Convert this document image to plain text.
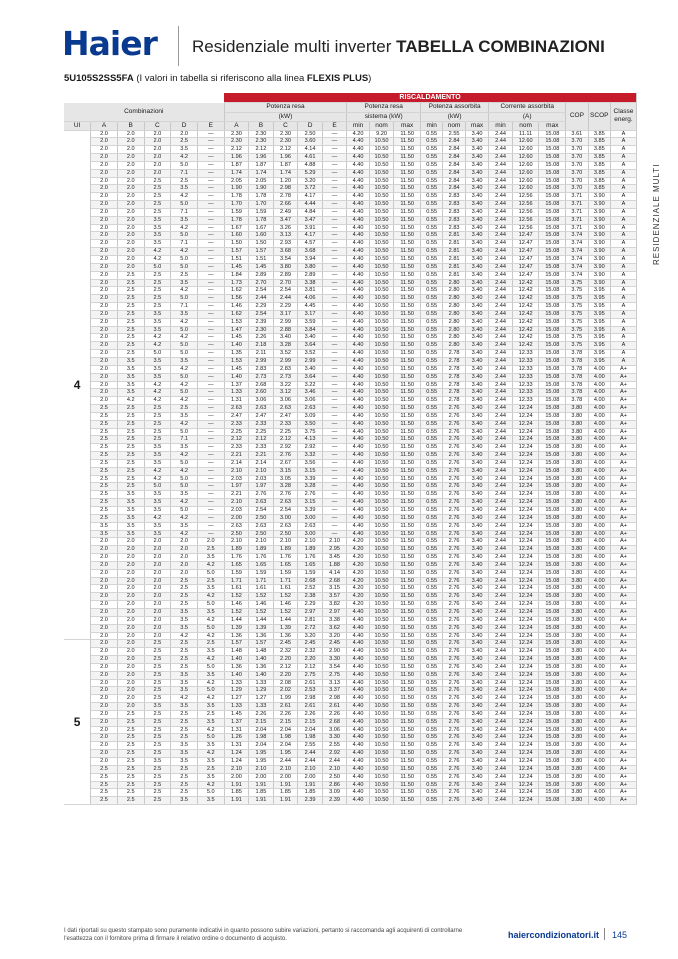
Haier Residenziale multi inverter TABELLA COMBINAZIONI
5U105S2SS5FA (I valori in tabella si riferiscono alla linea FLEXIS PLUS)
RESIDENZIALE MULTI
						RISCALDAMENTO																
Combinazioni						Potenza resa					Potenza resa			Potenza assorbita			Corrente assorbita			COP	SCOP	Classe energ.
						(kW)					sistema (kW)			(kW)			(A)					
UI	A	B	C	D	E	A	B	C	D	E	min	nom	max	min	nom	max	min	nom	max			
4	2.0	2.0	2.0	2.0	—	2.30	2.30	2.30	2.50	—	4.20	9.20	11.50	0.55	2.55	3.40	2.44	11.11	15.08	3.61	3.85	A
	2.0	2.0	2.0	2.5	—	2.30	2.30	2.30	3.60	—	4.40	10.50	11.50	0.55	2.84	3.40	2.44	12.60	15.08	3.70	3.85	A
	2.0	2.0	2.0	3.5	—	2.12	2.12	2.12	4.14	—	4.40	10.50	11.50	0.55	2.84	3.40	2.44	12.60	15.08	3.70	3.85	A
	2.0	2.0	2.0	4.2	—	1.96	1.96	1.96	4.61	—	4.40	10.50	11.50	0.55	2.84	3.40	2.44	12.60	15.08	3.70	3.85	A
	2.0	2.0	2.0	5.0	—	1.87	1.87	1.87	4.88	—	4.40	10.50	11.50	0.55	2.84	3.40	2.44	12.60	15.08	3.70	3.85	A
	2.0	2.0	2.0	7.1	—	1.74	1.74	1.74	5.29	—	4.40	10.50	11.50	0.55	2.84	3.40	2.44	12.60	15.08	3.70	3.85	A
	2.0	2.0	2.5	2.5	—	2.05	2.05	1.20	3.20	—	4.40	10.50	11.50	0.55	2.84	3.40	2.44	12.60	15.08	3.70	3.85	A
	2.0	2.0	2.5	3.5	—	1.90	1.90	2.98	3.72	—	4.40	10.50	11.50	0.55	2.84	3.40	2.44	12.60	15.08	3.70	3.85	A
	2.0	2.0	2.5	4.2	—	1.78	1.78	2.78	4.17	—	4.40	10.50	11.50	0.55	2.83	3.40	2.44	12.56	15.08	3.71	3.90	A
	2.0	2.0	2.5	5.0	—	1.70	1.70	2.66	4.44	—	4.40	10.50	11.50	0.55	2.83	3.40	2.44	12.56	15.08	3.71	3.90	A
	2.0	2.0	2.5	7.1	—	1.59	1.59	2.49	4.84	—	4.40	10.50	11.50	0.55	2.83	3.40	2.44	12.56	15.08	3.71	3.90	A
	2.0	2.0	3.5	3.5	—	1.78	1.78	3.47	3.47	—	4.40	10.50	11.50	0.55	2.83	3.40	2.44	12.56	15.08	3.71	3.90	A
	2.0	2.0	3.5	4.2	—	1.67	1.67	3.26	3.91	—	4.40	10.50	11.50	0.55	2.83	3.40	2.44	12.56	15.08	3.71	3.90	A
	2.0	2.0	3.5	5.0	—	1.60	1.60	3.13	4.17	—	4.40	10.50	11.50	0.55	2.81	3.40	2.44	12.47	15.08	3.74	3.90	A
	2.0	2.0	3.5	7.1	—	1.50	1.50	2.93	4.57	—	4.40	10.50	11.50	0.55	2.81	3.40	2.44	12.47	15.08	3.74	3.90	A
	2.0	2.0	4.2	4.2	—	1.57	1.57	3.68	3.68	—	4.40	10.50	11.50	0.55	2.81	3.40	2.44	12.47	15.08	3.74	3.90	A
	2.0	2.0	4.2	5.0	—	1.51	1.51	3.54	3.94	—	4.40	10.50	11.50	0.55	2.81	3.40	2.44	12.47	15.08	3.74	3.90	A
	2.0	2.0	5.0	5.0	—	1.45	1.45	3.80	3.80	—	4.40	10.50	11.50	0.55	2.81	3.40	2.44	12.47	15.08	3.74	3.90	A
	2.0	2.5	2.5	2.5	—	1.84	2.89	2.89	2.89	—	4.40	10.50	11.50	0.55	2.81	3.40	2.44	12.47	15.08	3.74	3.90	A
	2.0	2.5	2.5	3.5	—	1.73	2.70	2.70	3.38	—	4.40	10.50	11.50	0.55	2.80	3.40	2.44	12.42	15.08	3.75	3.90	A
	2.0	2.5	2.5	4.2	—	1.62	2.54	2.54	3.81	—	4.40	10.50	11.50	0.55	2.80	3.40	2.44	12.42	15.08	3.75	3.95	A
	2.0	2.5	2.5	5.0	—	1.56	2.44	2.44	4.06	—	4.40	10.50	11.50	0.55	2.80	3.40	2.44	12.42	15.08	3.75	3.95	A
	2.0	2.5	2.5	7.1	—	1.46	2.29	2.29	4.45	—	4.40	10.50	11.50	0.55	2.80	3.40	2.44	12.42	15.08	3.75	3.95	A
	2.0	2.5	3.5	3.5	—	1.62	2.54	3.17	3.17	—	4.40	10.50	11.50	0.55	2.80	3.40	2.44	12.42	15.08	3.75	3.95	A
	2.0	2.5	3.5	4.2	—	1.53	2.39	2.99	3.59	—	4.40	10.50	11.50	0.55	2.80	3.40	2.44	12.42	15.08	3.75	3.95	A
	2.0	2.5	3.5	5.0	—	1.47	2.30	2.88	3.84	—	4.40	10.50	11.50	0.55	2.80	3.40	2.44	12.42	15.08	3.75	3.95	A
	2.0	2.5	4.2	4.2	—	1.45	2.26	3.40	3.40	—	4.40	10.50	11.50	0.55	2.80	3.40	2.44	12.42	15.08	3.75	3.95	A
	2.0	2.5	4.2	5.0	—	1.40	2.18	3.28	3.64	—	4.40	10.50	11.50	0.55	2.80	3.40	2.44	12.42	15.08	3.75	3.95	A
	2.0	2.5	5.0	5.0	—	1.35	2.11	3.52	3.52	—	4.40	10.50	11.50	0.55	2.78	3.40	2.44	12.33	15.08	3.78	3.95	A
	2.0	3.5	3.5	3.5	—	1.53	2.99	2.99	2.99	—	4.40	10.50	11.50	0.55	2.78	3.40	2.44	12.33	15.08	3.78	3.95	A
	2.0	3.5	3.5	4.2	—	1.45	2.83	2.83	3.40	—	4.40	10.50	11.50	0.55	2.78	3.40	2.44	12.33	15.08	3.78	4.00	A+
	2.0	3.5	3.5	5.0	—	1.40	2.73	2.73	3.64	—	4.40	10.50	11.50	0.55	2.78	3.40	2.44	12.33	15.08	3.78	4.00	A+
	2.0	3.5	4.2	4.2	—	1.37	2.68	3.22	3.22	—	4.40	10.50	11.50	0.55	2.78	3.40	2.44	12.33	15.08	3.78	4.00	A+
	2.0	3.5	4.2	5.0	—	1.33	2.60	3.12	3.46	—	4.40	10.50	11.50	0.55	2.78	3.40	2.44	12.33	15.08	3.78	4.00	A+
	2.0	4.2	4.2	4.2	—	1.31	3.06	3.06	3.06	—	4.40	10.50	11.50	0.55	2.78	3.40	2.44	12.33	15.08	3.78	4.00	A+
	2.5	2.5	2.5	2.5	—	2.63	2.63	2.63	2.63	—	4.40	10.50	11.50	0.55	2.76	3.40	2.44	12.24	15.08	3.80	4.00	A+
	2.5	2.5	2.5	3.5	—	2.47	2.47	2.47	3.09	—	4.40	10.50	11.50	0.55	2.76	3.40	2.44	12.24	15.08	3.80	4.00	A+
	2.5	2.5	2.5	4.2	—	2.33	2.33	2.33	3.50	—	4.40	10.50	11.50	0.55	2.76	3.40	2.44	12.24	15.08	3.80	4.00	A+
	2.5	2.5	2.5	5.0	—	2.25	2.25	2.25	3.75	—	4.40	10.50	11.50	0.55	2.76	3.40	2.44	12.24	15.08	3.80	4.00	A+
	2.5	2.5	2.5	7.1	—	2.12	2.12	2.12	4.13	—	4.40	10.50	11.50	0.55	2.76	3.40	2.44	12.24	15.08	3.80	4.00	A+
	2.5	2.5	3.5	3.5	—	2.33	2.33	2.92	2.92	—	4.40	10.50	11.50	0.55	2.76	3.40	2.44	12.24	15.08	3.80	4.00	A+
	2.5	2.5	3.5	4.2	—	2.21	2.21	2.76	3.32	—	4.40	10.50	11.50	0.55	2.76	3.40	2.44	12.24	15.08	3.80	4.00	A+
	2.5	2.5	3.5	5.0	—	2.14	2.14	2.67	3.56	—	4.40	10.50	11.50	0.55	2.76	3.40	2.44	12.24	15.08	3.80	4.00	A+
	2.5	2.5	4.2	4.2	—	2.10	2.10	3.15	3.15	—	4.40	10.50	11.50	0.55	2.76	3.40	2.44	12.24	15.08	3.80	4.00	A+
	2.5	2.5	4.2	5.0	—	2.03	2.03	3.05	3.39	—	4.40	10.50	11.50	0.55	2.76	3.40	2.44	12.24	15.08	3.80	4.00	A+
	2.5	2.5	5.0	5.0	—	1.97	1.97	3.28	3.28	—	4.40	10.50	11.50	0.55	2.76	3.40	2.44	12.24	15.08	3.80	4.00	A+
	2.5	3.5	3.5	3.5	—	2.21	2.76	2.76	2.76	—	4.40	10.50	11.50	0.55	2.76	3.40	2.44	12.24	15.08	3.80	4.00	A+
	2.5	3.5	3.5	4.2	—	2.10	2.63	2.63	3.15	—	4.40	10.50	11.50	0.55	2.76	3.40	2.44	12.24	15.08	3.80	4.00	A+
	2.5	3.5	3.5	5.0	—	2.03	2.54	2.54	3.39	—	4.40	10.50	11.50	0.55	2.76	3.40	2.44	12.24	15.08	3.80	4.00	A+
	2.5	3.5	4.2	4.2	—	2.00	2.50	3.00	3.00	—	4.40	10.50	11.50	0.55	2.76	3.40	2.44	12.24	15.08	3.80	4.00	A+
	3.5	3.5	3.5	3.5	—	2.63	2.63	2.63	2.63	—	4.40	10.50	11.50	0.55	2.76	3.40	2.44	12.24	15.08	3.80	4.00	A+
	3.5	3.5	3.5	4.2	—	2.50	2.50	2.50	3.00	—	4.40	10.50	11.50	0.55	2.76	3.40	2.44	12.24	15.08	3.80	4.00	A+
	2.0	2.0	2.0	2.0	2.0	2.10	2.10	2.10	2.10	2.10	4.20	10.50	11.50	0.55	2.76	3.40	2.44	12.24	15.08	3.80	4.00	A+
	2.0	2.0	2.0	2.0	2.5	1.89	1.89	1.89	1.89	2.95	4.20	10.50	11.50	0.55	2.76	3.40	2.44	12.24	15.08	3.80	4.00	A+
	2.0	2.0	2.0	2.0	3.5	1.76	1.76	1.76	1.76	3.45	4.20	10.50	11.50	0.55	2.76	3.40	2.44	12.24	15.08	3.80	4.00	A+
	2.0	2.0	2.0	2.0	4.2	1.65	1.65	1.65	1.65	1.88	4.20	10.50	11.50	0.55	2.76	3.40	2.44	12.24	15.08	3.80	4.00	A+
	2.0	2.0	2.0	2.0	5.0	1.59	1.59	1.59	1.59	4.14	4.20	10.50	11.50	0.55	2.76	3.40	2.44	12.24	15.08	3.80	4.00	A+
	2.0	2.0	2.0	2.5	2.5	1.71	1.71	1.71	2.68	2.68	4.20	10.50	11.50	0.55	2.76	3.40	2.44	12.24	15.08	3.80	4.00	A+
	2.0	2.0	2.0	2.5	3.5	1.61	1.61	1.61	2.52	3.15	4.20	10.50	11.50	0.55	2.76	3.40	2.44	12.24	15.08	3.80	4.00	A+
	2.0	2.0	2.0	2.5	4.2	1.52	1.52	1.52	2.38	3.57	4.20	10.50	11.50	0.55	2.76	3.40	2.44	12.24	15.08	3.80	4.00	A+
	2.0	2.0	2.0	2.5	5.0	1.46	1.46	1.46	2.29	3.82	4.20	10.50	11.50	0.55	2.76	3.40	2.44	12.24	15.08	3.80	4.00	A+
	2.0	2.0	2.0	3.5	3.5	1.52	1.52	1.52	2.97	2.97	4.40	10.50	11.50	0.55	2.76	3.40	2.44	12.24	15.08	3.80	4.00	A+
	2.0	2.0	2.0	3.5	4.2	1.44	1.44	1.44	2.81	3.38	4.40	10.50	11.50	0.55	2.76	3.40	2.44	12.24	15.08	3.80	4.00	A+
	2.0	2.0	2.0	3.5	5.0	1.39	1.39	1.39	2.72	3.62	4.40	10.50	11.50	0.55	2.76	3.40	2.44	12.24	15.08	3.80	4.00	A+
	2.0	2.0	2.0	4.2	4.2	1.36	1.36	1.36	3.20	3.20	4.40	10.50	11.50	0.55	2.76	3.40	2.44	12.24	15.08	3.80	4.00	A+
5	2.0	2.0	2.5	2.5	2.5	1.57	1.57	2.45	2.45	2.45	4.40	10.50	11.50	0.55	2.76	3.40	2.44	12.24	15.08	3.80	4.00	A+
	2.0	2.0	2.5	2.5	3.5	1.48	1.48	2.32	2.32	2.90	4.40	10.50	11.50	0.55	2.76	3.40	2.44	12.24	15.08	3.80	4.00	A+
	2.0	2.0	2.5	2.5	4.2	1.40	1.40	2.20	2.20	3.30	4.40	10.50	11.50	0.55	2.76	3.40	2.44	12.24	15.08	3.80	4.00	A+
	2.0	2.0	2.5	2.5	5.0	1.36	1.36	2.12	2.12	3.54	4.40	10.50	11.50	0.55	2.76	3.40	2.44	12.24	15.08	3.80	4.00	A+
	2.0	2.0	2.5	3.5	3.5	1.40	1.40	2.20	2.75	2.75	4.40	10.50	11.50	0.55	2.76	3.40	2.44	12.24	15.08	3.80	4.00	A+
	2.0	2.0	2.5	3.5	4.2	1.33	1.33	2.08	2.61	3.13	4.40	10.50	11.50	0.55	2.76	3.40	2.44	12.24	15.08	3.80	4.00	A+
	2.0	2.0	2.5	3.5	5.0	1.29	1.29	2.02	2.53	3.37	4.40	10.50	11.50	0.55	2.76	3.40	2.44	12.24	15.08	3.80	4.00	A+
	2.0	2.0	2.5	4.2	4.2	1.27	1.27	1.99	2.98	2.98	4.40	10.50	11.50	0.55	2.76	3.40	2.44	12.24	15.08	3.80	4.00	A+
	2.0	2.0	3.5	3.5	3.5	1.33	1.33	2.61	2.61	2.61	4.40	10.50	11.50	0.55	2.76	3.40	2.44	12.24	15.08	3.80	4.00	A+
	2.0	2.5	2.5	2.5	2.5	1.45	2.26	2.26	2.26	2.26	4.40	10.50	11.50	0.55	2.76	3.40	2.44	12.24	15.08	3.80	4.00	A+
	2.0	2.5	2.5	2.5	3.5	1.37	2.15	2.15	2.15	2.68	4.40	10.50	11.50	0.55	2.76	3.40	2.44	12.24	15.08	3.80	4.00	A+
	2.0	2.5	2.5	2.5	4.2	1.31	2.04	2.04	2.04	3.06	4.40	10.50	11.50	0.55	2.76	3.40	2.44	12.24	15.08	3.80	4.00	A+
	2.0	2.5	2.5	2.5	5.0	1.26	1.98	1.98	1.98	3.30	4.40	10.50	11.50	0.55	2.76	3.40	2.44	12.24	15.08	3.80	4.00	A+
	2.0	2.5	2.5	3.5	3.5	1.31	2.04	2.04	2.55	2.55	4.40	10.50	11.50	0.55	2.76	3.40	2.44	12.24	15.08	3.80	4.00	A+
	2.0	2.5	2.5	3.5	4.2	1.24	1.95	1.95	2.44	2.92	4.40	10.50	11.50	0.55	2.76	3.40	2.44	12.24	15.08	3.80	4.00	A+
	2.0	2.5	3.5	3.5	3.5	1.24	1.95	2.44	2.44	2.44	4.40	10.50	11.50	0.55	2.76	3.40	2.44	12.24	15.08	3.80	4.00	A+
	2.5	2.5	2.5	2.5	2.5	2.10	2.10	2.10	2.10	2.10	4.40	10.50	11.50	0.55	2.76	3.40	2.44	12.24	15.08	3.80	4.00	A+
	2.5	2.5	2.5	2.5	3.5	2.00	2.00	2.00	2.00	2.50	4.40	10.50	11.50	0.55	2.76	3.40	2.44	12.24	15.08	3.80	4.00	A+
	2.5	2.5	2.5	2.5	4.2	1.91	1.91	1.91	1.91	2.86	4.40	10.50	11.50	0.55	2.76	3.40	2.44	12.24	15.08	3.80	4.00	A+
	2.5	2.5	2.5	2.5	5.0	1.85	1.85	1.85	1.85	3.09	4.40	10.50	11.50	0.55	2.76	3.40	2.44	12.24	15.08	3.80	4.00	A+
	2.5	2.5	2.5	3.5	3.5	1.91	1.91	1.91	2.39	2.39	4.40	10.50	11.50	0.55	2.76	3.40	2.44	12.24	15.08	3.80	4.00	A+
I dati riportati su questo stampato sono puramente indicativi in quanto possono subire variazioni, pertanto si raccomanda agli acquirenti di controllarne l'esattezza con il fornitore prima di firmare il relativo ordine o documento di acquisto.	haiercondizionatori.it 145
